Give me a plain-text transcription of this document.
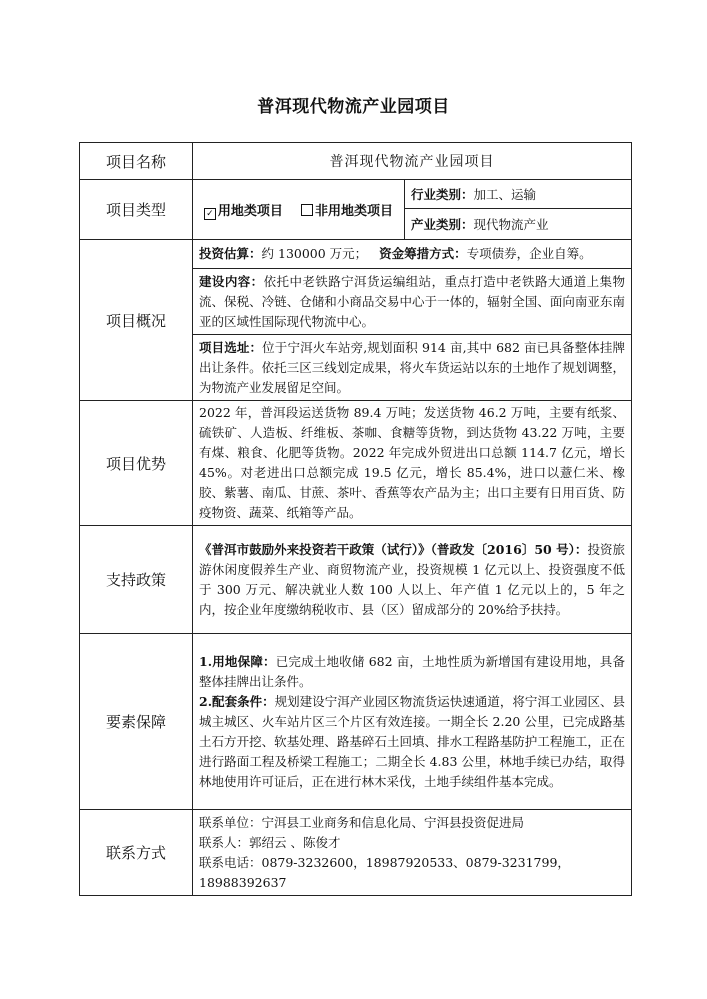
普洱现代物流产业园项目
项目名称	普洱现代物流产业园项目	
项目类型	✓ 用地类项目 非用地类项目	行业类别：加工、运输
		产业类别：现代物流产业
项目概况	投资估算：约 130000 万元； 资金筹措方式：专项债券，企业自筹。	
	建设内容：依托中老铁路宁洱货运编组站，重点打造中老铁路大通道上集物流、保税、冷链、仓储和小商品交易中心于一体的，辐射全国、面向南亚东南亚的区域性国际现代物流中心。	
	项目选址：位于宁洱火车站旁,规划面积 914 亩,其中 682 亩已具备整体挂牌出让条件。依托三区三线划定成果，将火车货运站以东的土地作了规划调整，为物流产业发展留足空间。	
项目优势	2022 年，普洱段运送货物 89.4 万吨；发送货物 46.2 万吨，主要有纸浆、硫铁矿、人造板、纤维板、茶咖、食糖等货物，到达货物 43.22 万吨，主要有煤、粮食、化肥等货物。2022 年完成外贸进出口总额 114.7 亿元，增长 45%。对老进出口总额完成 19.5 亿元，增长 85.4%，进口以薏仁米、橡胶、紫薯、南瓜、甘蔗、茶叶、香蕉等农产品为主；出口主要有日用百货、防疫物资、蔬菜、纸箱等产品。	
支持政策	《普洱市鼓励外来投资若干政策（试行）》（普政发〔2016〕50 号）：投资旅游休闲度假养生产业、商贸物流产业，投资规模 1 亿元以上、投资强度不低于 300 万元、解决就业人数 100 人以上、年产值 1 亿元以上的，5 年之内，按企业年度缴纳税收市、县（区）留成部分的 20%给予扶持。	
要素保障	1.用地保障：已完成土地收储 682 亩，土地性质为新增国有建设用地，具备整体挂牌出让条件。

2.配套条件：规划建设宁洱产业园区物流货运快速通道，将宁洱工业园区、县城主城区、火车站片区三个片区有效连接。一期全长 2.20 公里，已完成路基土石方开挖、软基处理、路基碎石土回填、排水工程路基防护工程施工，正在进行路面工程及桥梁工程施工；二期全长 4.83 公里，林地手续已办结，取得林地使用许可证后，正在进行林木采伐，土地手续组件基本完成。	

联系方式	联系单位：宁洱县工业商务和信息化局、宁洱县投资促进局
联系人：郭绍云 、陈俊才
联系电话：0879-3232600，18987920533、0879-3231799，18988392637	
